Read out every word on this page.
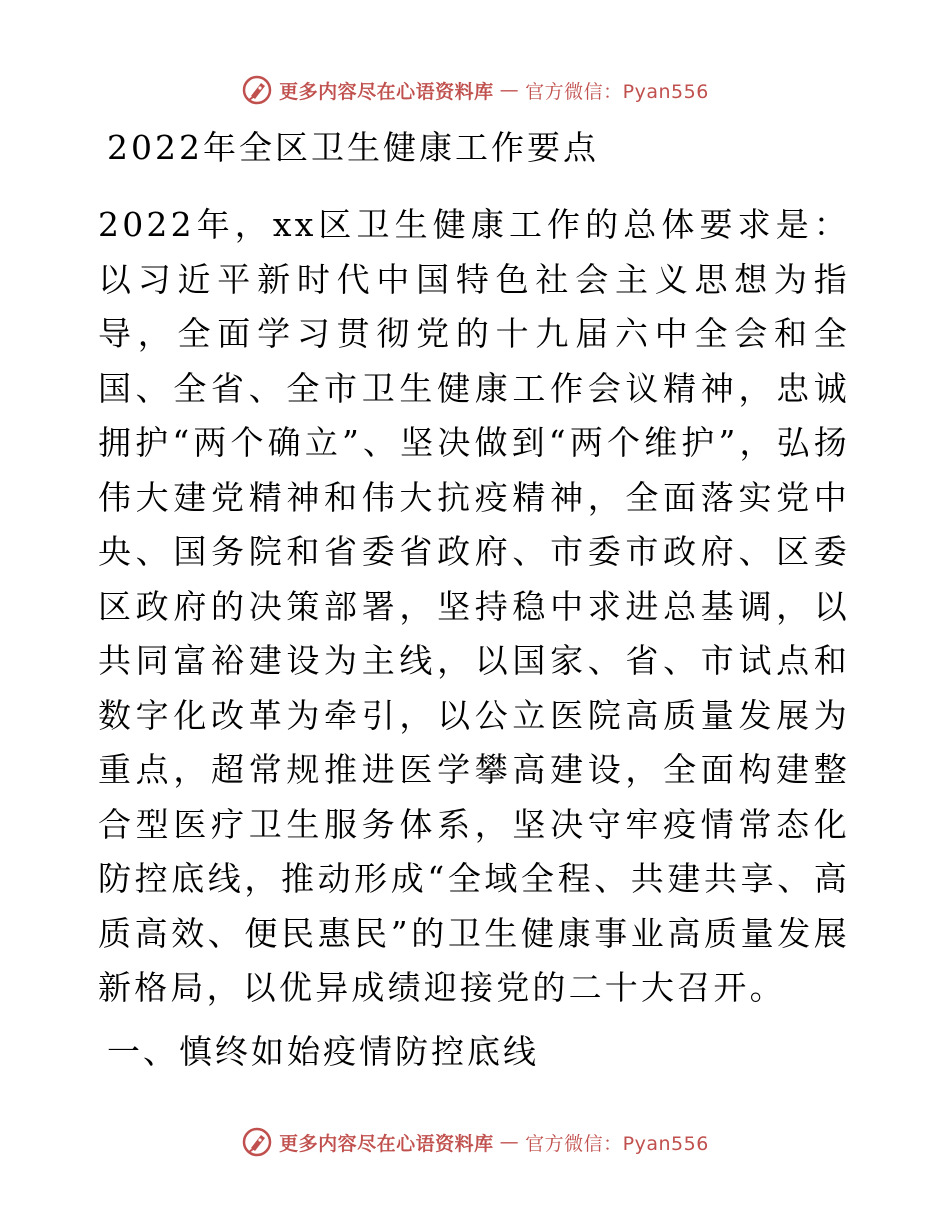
更多内容尽在心语资料库 — 官方微信：Pyan556
2022年全区卫生健康工作要点
2022年，xx区卫生健康工作的总体要求是：以习近平新时代中国特色社会主义思想为指导，全面学习贯彻党的十九届六中全会和全国、全省、全市卫生健康工作会议精神，忠诚拥护“两个确立”、坚决做到“两个维护”，弘扬伟大建党精神和伟大抗疫精神，全面落实党中央、国务院和省委省政府、市委市政府、区委区政府的决策部署，坚持稳中求进总基调，以共同富裕建设为主线，以国家、省、市试点和数字化改革为牵引，以公立医院高质量发展为重点，超常规推进医学攀高建设，全面构建整合型医疗卫生服务体系，坚决守牢疫情常态化防控底线，推动形成“全域全程、共建共享、高质高效、便民惠民”的卫生健康事业高质量发展新格局，以优异成绩迎接党的二十大召开。
一、慎终如始疫情防控底线
更多内容尽在心语资料库 — 官方微信：Pyan556
